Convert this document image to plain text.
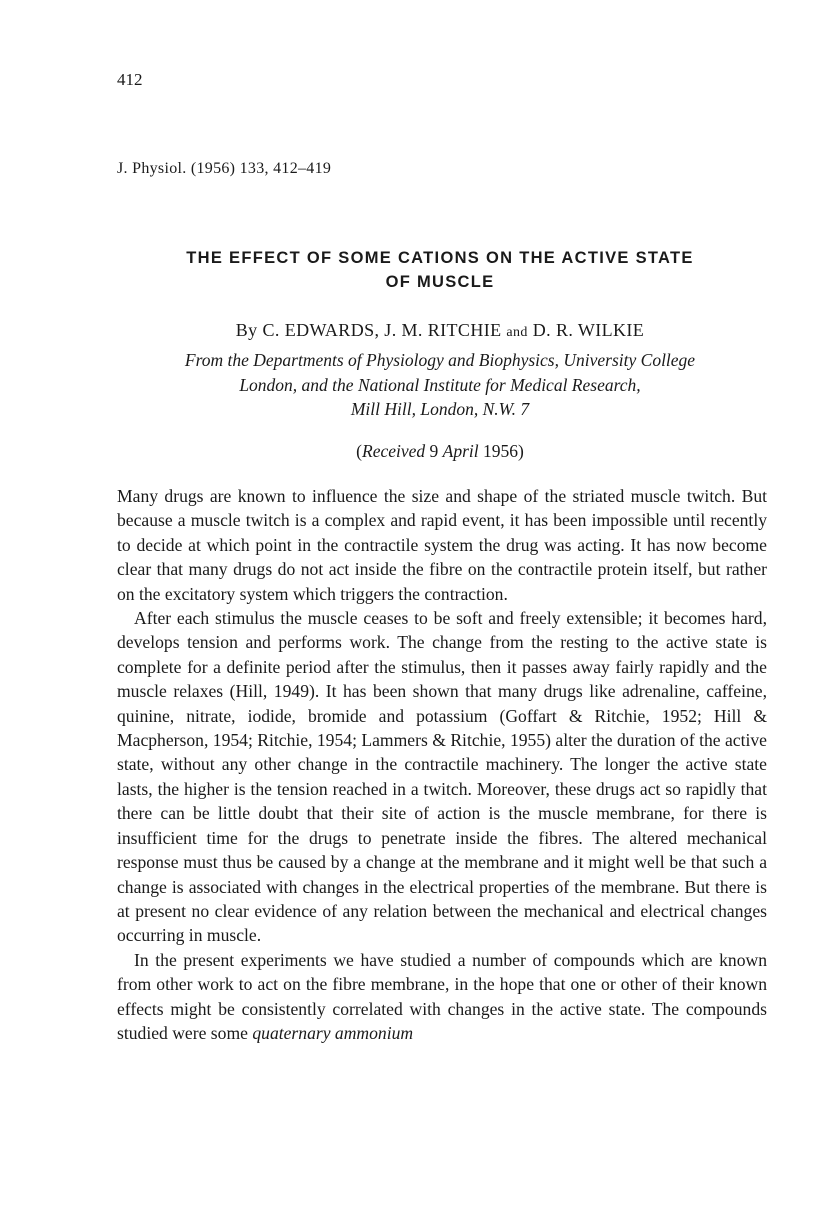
412
J. Physiol. (1956) 133, 412–419
THE EFFECT OF SOME CATIONS ON THE ACTIVE STATE
OF MUSCLE
By C. EDWARDS, J. M. RITCHIE and D. R. WILKIE
From the Departments of Physiology and Biophysics, University College
London, and the National Institute for Medical Research,
Mill Hill, London, N.W. 7
(Received 9 April 1956)

Many drugs are known to influence the size and shape of the striated muscle twitch. But because a muscle twitch is a complex and rapid event, it has been impossible until recently to decide at which point in the contractile system the drug was acting. It has now become clear that many drugs do not act inside the fibre on the contractile protein itself, but rather on the excitatory system which triggers the contraction.

After each stimulus the muscle ceases to be soft and freely extensible; it becomes hard, develops tension and performs work. The change from the resting to the active state is complete for a definite period after the stimulus, then it passes away fairly rapidly and the muscle relaxes (Hill, 1949). It has been shown that many drugs like adrenaline, caffeine, quinine, nitrate, iodide, bromide and potassium (Goffart & Ritchie, 1952; Hill & Macpherson, 1954; Ritchie, 1954; Lammers & Ritchie, 1955) alter the duration of the active state, without any other change in the contractile machinery. The longer the active state lasts, the higher is the tension reached in a twitch. Moreover, these drugs act so rapidly that there can be little doubt that their site of action is the muscle membrane, for there is insufficient time for the drugs to penetrate inside the fibres. The altered mechanical response must thus be caused by a change at the membrane and it might well be that such a change is associated with changes in the electrical properties of the membrane. But there is at present no clear evidence of any relation between the mechanical and electrical changes occurring in muscle.

In the present experiments we have studied a number of compounds which are known from other work to act on the fibre membrane, in the hope that one or other of their known effects might be consistently correlated with changes in the active state. The compounds studied were some quaternary ammonium
